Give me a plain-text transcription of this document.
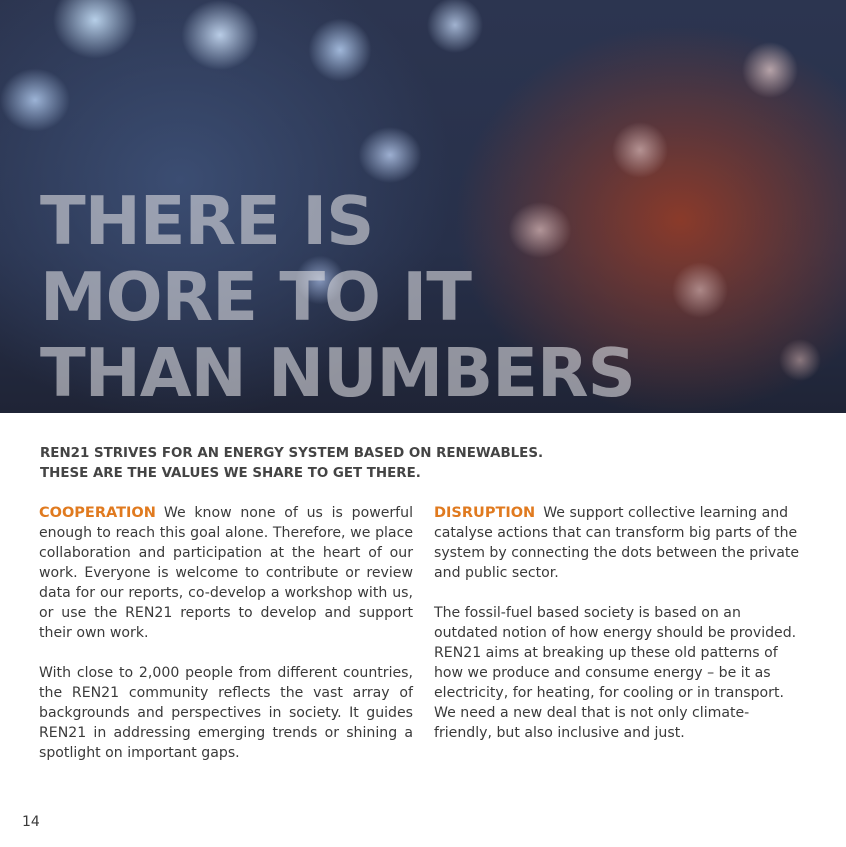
THERE IS
MORE TO IT
THAN NUMBERS
REN21 STRIVES FOR AN ENERGY SYSTEM BASED ON RENEWABLES.
THESE ARE THE VALUES WE SHARE TO GET THERE.

COOPERATION We know none of us is powerful enough to reach this goal alone. Therefore, we place collaboration and participation at the heart of our work. Everyone is welcome to contribute or review data for our reports, co-develop a workshop with us, or use the REN21 reports to develop and support their own work.

With close to 2,000 people from different countries, the REN21 community reflects the vast array of backgrounds and perspectives in society. It guides REN21 in addressing emerging trends or shining a spotlight on important gaps.

DISRUPTION We support collective learning and catalyse actions that can transform big parts of the system by connecting the dots between the private and public sector.

The fossil-fuel based society is based on an outdated notion of how energy should be provided. REN21 aims at breaking up these old patterns of how we produce and consume energy – be it as electricity, for heating, for cooling or in transport. We need a new deal that is not only climate-friendly, but also inclusive and just.

14
